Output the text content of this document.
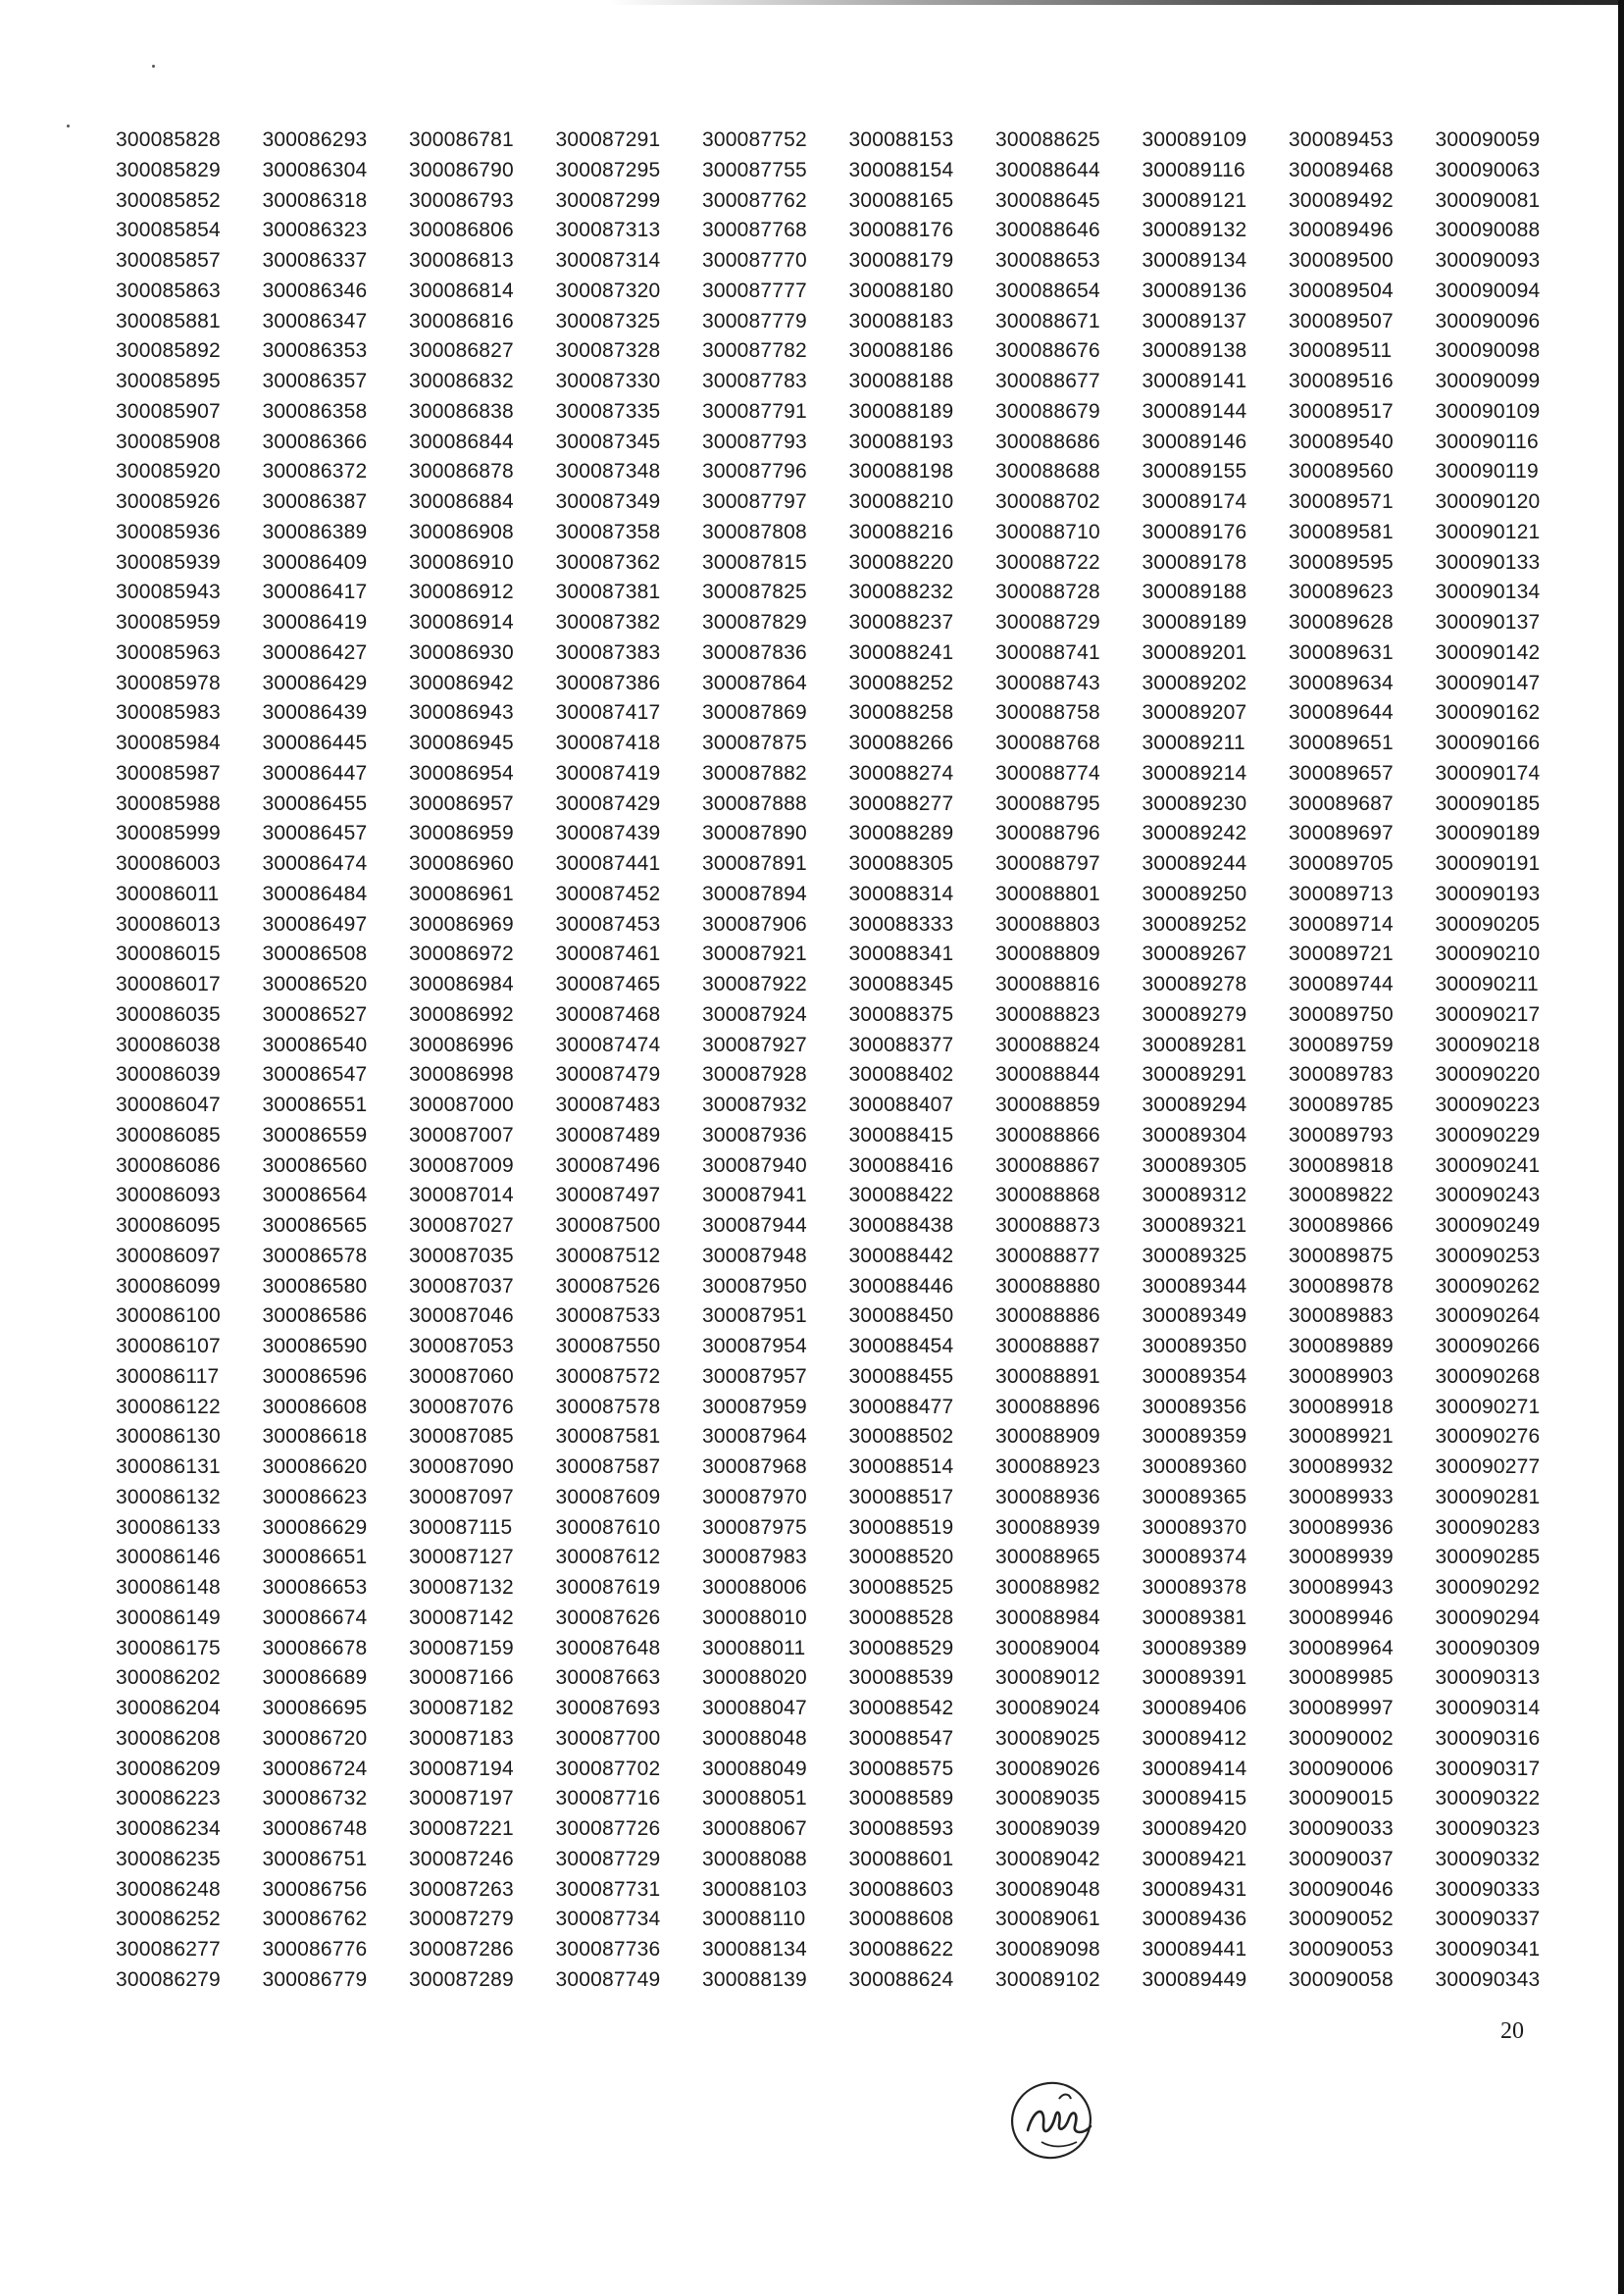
300085828	300086293	300086781	300087291	300087752	300088153	300088625	300089109	300089453	300090059
300085829	300086304	300086790	300087295	300087755	300088154	300088644	300089116	300089468	300090063
300085852	300086318	300086793	300087299	300087762	300088165	300088645	300089121	300089492	300090081
300085854	300086323	300086806	300087313	300087768	300088176	300088646	300089132	300089496	300090088
300085857	300086337	300086813	300087314	300087770	300088179	300088653	300089134	300089500	300090093
300085863	300086346	300086814	300087320	300087777	300088180	300088654	300089136	300089504	300090094
300085881	300086347	300086816	300087325	300087779	300088183	300088671	300089137	300089507	300090096
300085892	300086353	300086827	300087328	300087782	300088186	300088676	300089138	300089511	300090098
300085895	300086357	300086832	300087330	300087783	300088188	300088677	300089141	300089516	300090099
300085907	300086358	300086838	300087335	300087791	300088189	300088679	300089144	300089517	300090109
300085908	300086366	300086844	300087345	300087793	300088193	300088686	300089146	300089540	300090116
300085920	300086372	300086878	300087348	300087796	300088198	300088688	300089155	300089560	300090119
300085926	300086387	300086884	300087349	300087797	300088210	300088702	300089174	300089571	300090120
300085936	300086389	300086908	300087358	300087808	300088216	300088710	300089176	300089581	300090121
300085939	300086409	300086910	300087362	300087815	300088220	300088722	300089178	300089595	300090133
300085943	300086417	300086912	300087381	300087825	300088232	300088728	300089188	300089623	300090134
300085959	300086419	300086914	300087382	300087829	300088237	300088729	300089189	300089628	300090137
300085963	300086427	300086930	300087383	300087836	300088241	300088741	300089201	300089631	300090142
300085978	300086429	300086942	300087386	300087864	300088252	300088743	300089202	300089634	300090147
300085983	300086439	300086943	300087417	300087869	300088258	300088758	300089207	300089644	300090162
300085984	300086445	300086945	300087418	300087875	300088266	300088768	300089211	300089651	300090166
300085987	300086447	300086954	300087419	300087882	300088274	300088774	300089214	300089657	300090174
300085988	300086455	300086957	300087429	300087888	300088277	300088795	300089230	300089687	300090185
300085999	300086457	300086959	300087439	300087890	300088289	300088796	300089242	300089697	300090189
300086003	300086474	300086960	300087441	300087891	300088305	300088797	300089244	300089705	300090191
300086011	300086484	300086961	300087452	300087894	300088314	300088801	300089250	300089713	300090193
300086013	300086497	300086969	300087453	300087906	300088333	300088803	300089252	300089714	300090205
300086015	300086508	300086972	300087461	300087921	300088341	300088809	300089267	300089721	300090210
300086017	300086520	300086984	300087465	300087922	300088345	300088816	300089278	300089744	300090211
300086035	300086527	300086992	300087468	300087924	300088375	300088823	300089279	300089750	300090217
300086038	300086540	300086996	300087474	300087927	300088377	300088824	300089281	300089759	300090218
300086039	300086547	300086998	300087479	300087928	300088402	300088844	300089291	300089783	300090220
300086047	300086551	300087000	300087483	300087932	300088407	300088859	300089294	300089785	300090223
300086085	300086559	300087007	300087489	300087936	300088415	300088866	300089304	300089793	300090229
300086086	300086560	300087009	300087496	300087940	300088416	300088867	300089305	300089818	300090241
300086093	300086564	300087014	300087497	300087941	300088422	300088868	300089312	300089822	300090243
300086095	300086565	300087027	300087500	300087944	300088438	300088873	300089321	300089866	300090249
300086097	300086578	300087035	300087512	300087948	300088442	300088877	300089325	300089875	300090253
300086099	300086580	300087037	300087526	300087950	300088446	300088880	300089344	300089878	300090262
300086100	300086586	300087046	300087533	300087951	300088450	300088886	300089349	300089883	300090264
300086107	300086590	300087053	300087550	300087954	300088454	300088887	300089350	300089889	300090266
300086117	300086596	300087060	300087572	300087957	300088455	300088891	300089354	300089903	300090268
300086122	300086608	300087076	300087578	300087959	300088477	300088896	300089356	300089918	300090271
300086130	300086618	300087085	300087581	300087964	300088502	300088909	300089359	300089921	300090276
300086131	300086620	300087090	300087587	300087968	300088514	300088923	300089360	300089932	300090277
300086132	300086623	300087097	300087609	300087970	300088517	300088936	300089365	300089933	300090281
300086133	300086629	300087115	300087610	300087975	300088519	300088939	300089370	300089936	300090283
300086146	300086651	300087127	300087612	300087983	300088520	300088965	300089374	300089939	300090285
300086148	300086653	300087132	300087619	300088006	300088525	300088982	300089378	300089943	300090292
300086149	300086674	300087142	300087626	300088010	300088528	300088984	300089381	300089946	300090294
300086175	300086678	300087159	300087648	300088011	300088529	300089004	300089389	300089964	300090309
300086202	300086689	300087166	300087663	300088020	300088539	300089012	300089391	300089985	300090313
300086204	300086695	300087182	300087693	300088047	300088542	300089024	300089406	300089997	300090314
300086208	300086720	300087183	300087700	300088048	300088547	300089025	300089412	300090002	300090316
300086209	300086724	300087194	300087702	300088049	300088575	300089026	300089414	300090006	300090317
300086223	300086732	300087197	300087716	300088051	300088589	300089035	300089415	300090015	300090322
300086234	300086748	300087221	300087726	300088067	300088593	300089039	300089420	300090033	300090323
300086235	300086751	300087246	300087729	300088088	300088601	300089042	300089421	300090037	300090332
300086248	300086756	300087263	300087731	300088103	300088603	300089048	300089431	300090046	300090333
300086252	300086762	300087279	300087734	300088110	300088608	300089061	300089436	300090052	300090337
300086277	300086776	300087286	300087736	300088134	300088622	300089098	300089441	300090053	300090341
300086279	300086779	300087289	300087749	300088139	300088624	300089102	300089449	300090058	300090343
20
